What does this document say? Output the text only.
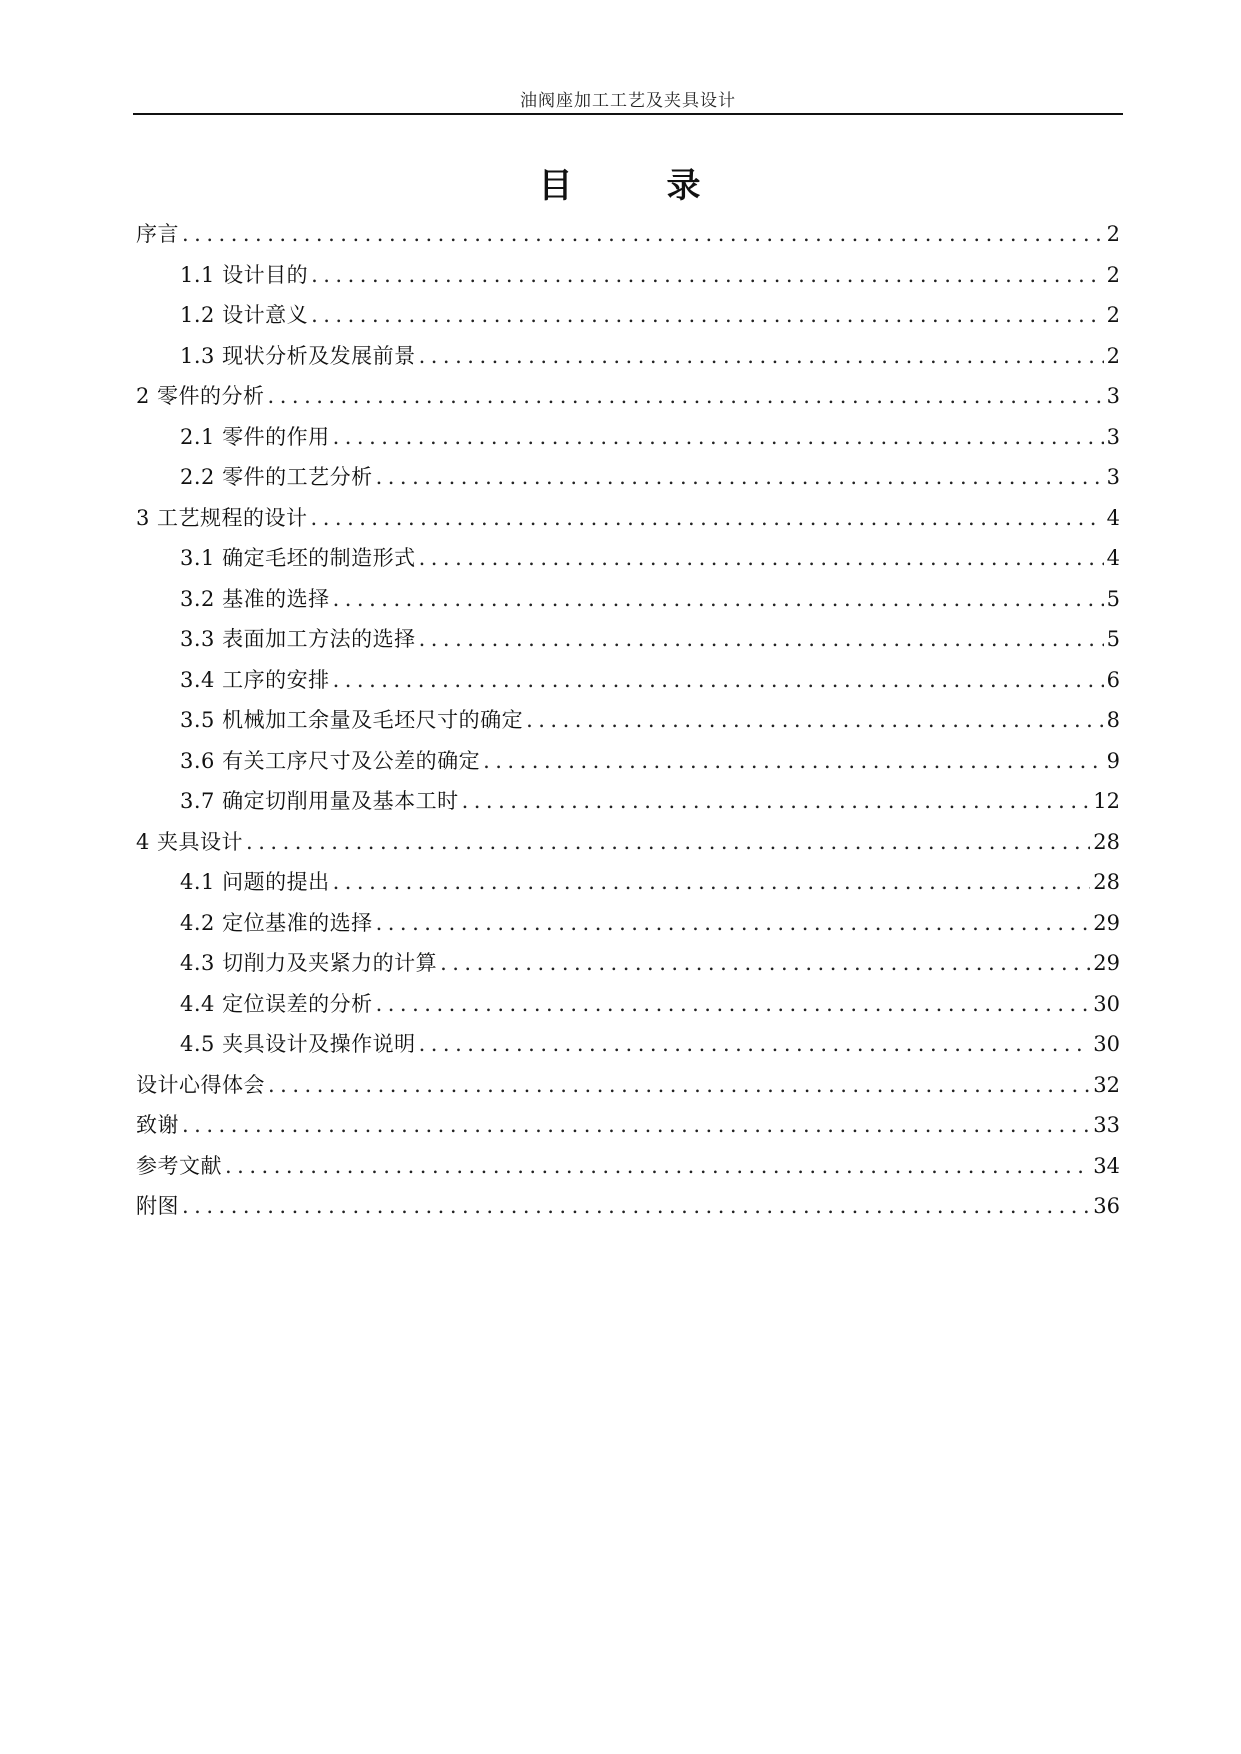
油阀座加工工艺及夹具设计
目	录
序言 .....	2
1.1 设计目的 .....	2
1.2 设计意义 .....	2
1.3 现状分析及发展前景 .....	2
2 零件的分析 .....	3
2.1 零件的作用 .....	3
2.2 零件的工艺分析 .....	3
3 工艺规程的设计 .....	4
3.1 确定毛坯的制造形式 .....	4
3.2 基准的选择 .....	5
3.3 表面加工方法的选择 .....	5
3.4 工序的安排 .....	6
3.5 机械加工余量及毛坯尺寸的确定 .....	8
3.6 有关工序尺寸及公差的确定 .....	9
3.7 确定切削用量及基本工时 .....	12
4 夹具设计 .....	28
4.1 问题的提出 .....	28
4.2 定位基准的选择 .....	29
4.3 切削力及夹紧力的计算 .....	29
4.4 定位误差的分析 .....	30
4.5 夹具设计及操作说明 .....	30
设计心得体会 .....	32
致谢 .....	33
参考文献 .....	34
附图 .....	36
